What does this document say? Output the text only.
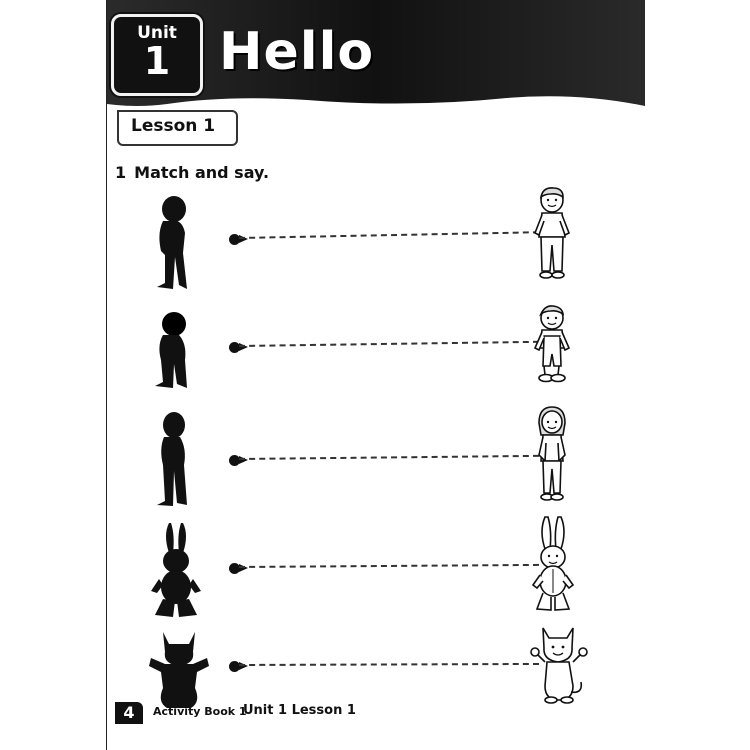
Unit
1 Hello
Lesson 1
1 Match and say.
4	Activity Book 1
Unit 1 Lesson 1
